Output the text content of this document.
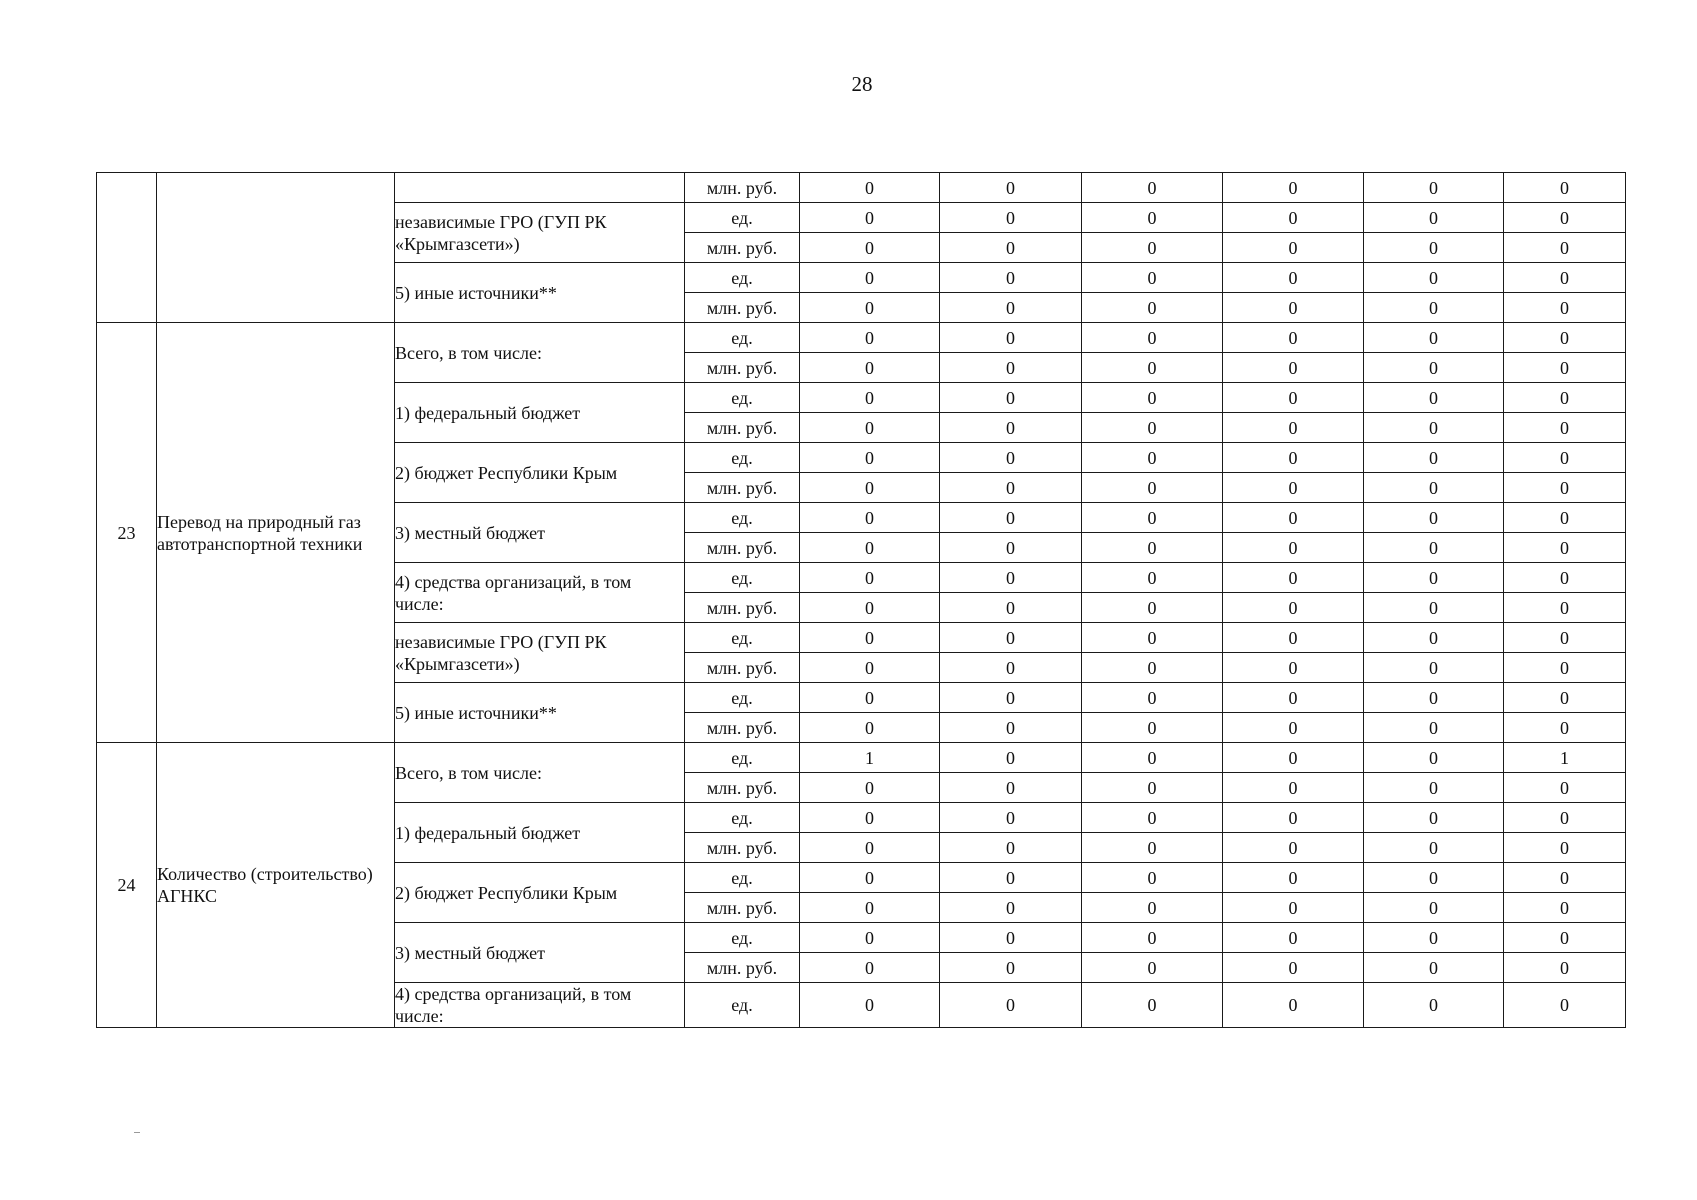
28
			млн. руб.	0	0	0	0	0	0
		независимые ГРО (ГУП РК «Крымгазсети»)	ед.	0	0	0	0	0	0
			млн. руб.	0	0	0	0	0	0
		5) иные источники**	ед.	0	0	0	0	0	0
			млн. руб.	0	0	0	0	0	0
23	Перевод на природный газ автотранспортной техники	Всего, в том числе:	ед.	0	0	0	0	0	0
			млн. руб.	0	0	0	0	0	0
		1) федеральный бюджет	ед.	0	0	0	0	0	0
			млн. руб.	0	0	0	0	0	0
		2) бюджет Республики Крым	ед.	0	0	0	0	0	0
			млн. руб.	0	0	0	0	0	0
		3) местный бюджет	ед.	0	0	0	0	0	0
			млн. руб.	0	0	0	0	0	0
		4) средства организаций, в том числе:	ед.	0	0	0	0	0	0
			млн. руб.	0	0	0	0	0	0
		независимые ГРО (ГУП РК «Крымгазсети»)	ед.	0	0	0	0	0	0
			млн. руб.	0	0	0	0	0	0
		5) иные источники**	ед.	0	0	0	0	0	0
			млн. руб.	0	0	0	0	0	0
24	Количество (строительство) АГНКС	Всего, в том числе:	ед.	1	0	0	0	0	1
			млн. руб.	0	0	0	0	0	0
		1) федеральный бюджет	ед.	0	0	0	0	0	0
			млн. руб.	0	0	0	0	0	0
		2) бюджет Республики Крым	ед.	0	0	0	0	0	0
			млн. руб.	0	0	0	0	0	0
		3) местный бюджет	ед.	0	0	0	0	0	0
			млн. руб.	0	0	0	0	0	0
		4) средства организаций, в том числе:	ед.	0	0	0	0	0	0
